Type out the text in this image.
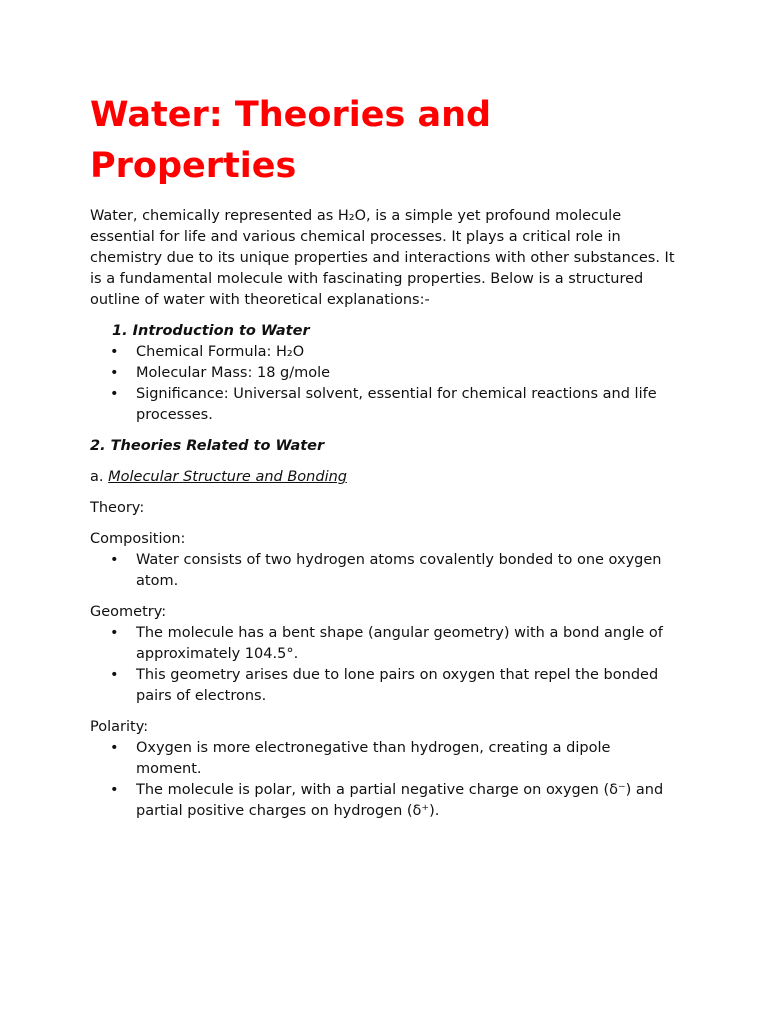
Water: Theories and Properties

Water, chemically represented as H₂O, is a simple yet profound molecule essential for life and various chemical processes. It plays a critical role in chemistry due to its unique properties and interactions with other substances. It is a fundamental molecule with fascinating properties. Below is a structured outline of water with theoretical explanations:-

1. Introduction to Water

• Chemical Formula: H₂O
• Molecular Mass: 18 g/mole
• Significance: Universal solvent, essential for chemical reactions and life processes.

2. Theories Related to Water

a. Molecular Structure and Bonding

Theory:

Composition:

• Water consists of two hydrogen atoms covalently bonded to one oxygen atom.

Geometry:

• The molecule has a bent shape (angular geometry) with a bond angle of approximately 104.5°.
• This geometry arises due to lone pairs on oxygen that repel the bonded pairs of electrons.

Polarity:

• Oxygen is more electronegative than hydrogen, creating a dipole moment.
• The molecule is polar, with a partial negative charge on oxygen (δ⁻) and partial positive charges on hydrogen (δ⁺).
